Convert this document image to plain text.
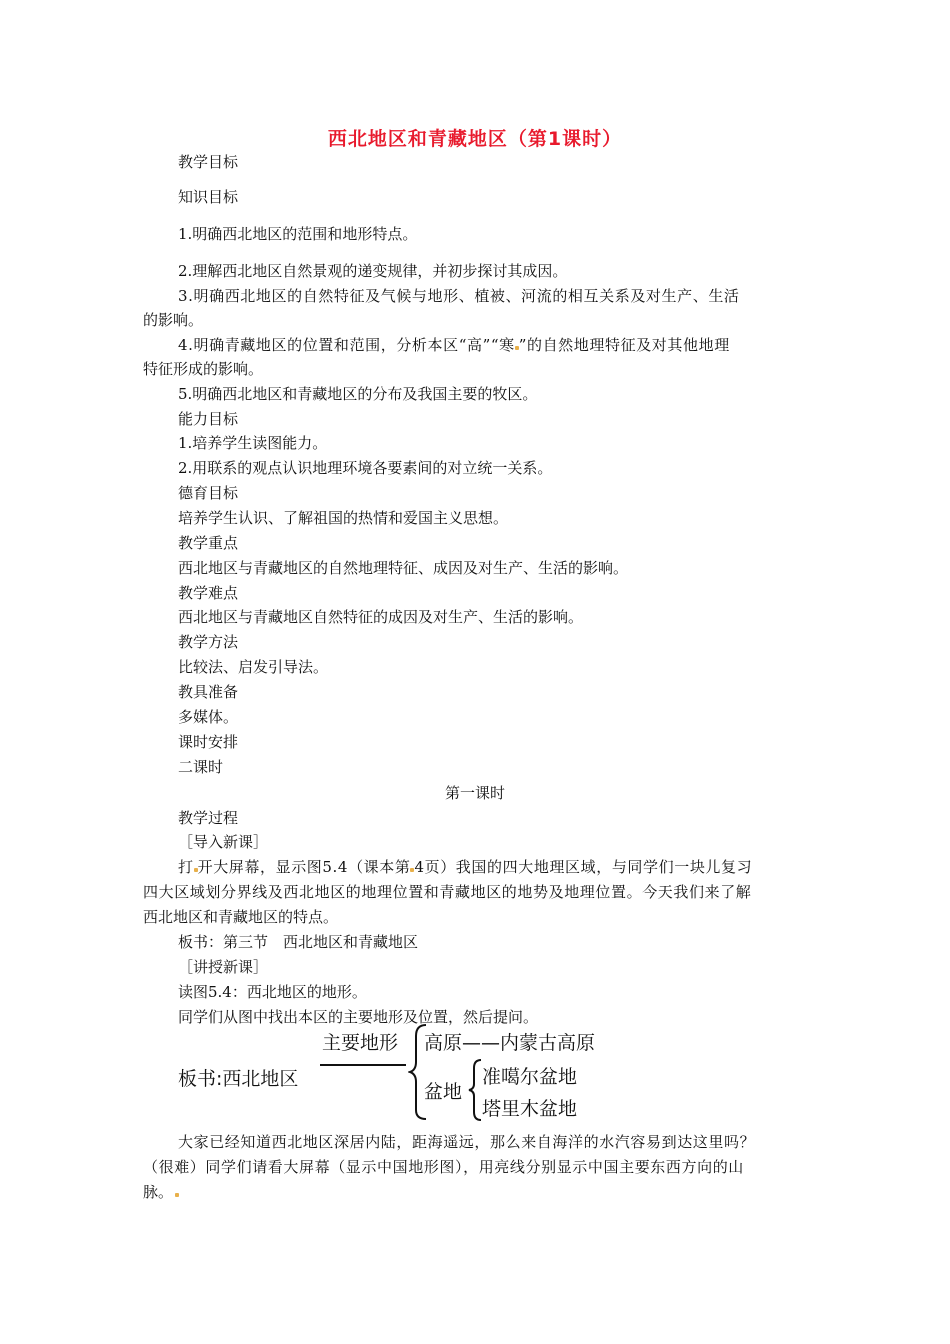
西北地区和青藏地区（第1课时）
教学目标
知识目标
1.明确西北地区的范围和地形特点。
2.理解西北地区自然景观的递变规律，并初步探讨其成因。
3.明确西北地区的自然特征及气候与地形、植被、河流的相互关系及对生产、生活
的影响。
4.明确青藏地区的位置和范围，分析本区“高”“寒 ”的自然地理特征及对其他地理
特征形成的影响。
5.明确西北地区和青藏地区的分布及我国主要的牧区。
能力目标
1.培养学生读图能力。
2.用联系的观点认识地理环境各要素间的对立统一关系。
德育目标
培养学生认识、了解祖国的热情和爱国主义思想。
教学重点
西北地区与青藏地区的自然地理特征、成因及对生产、生活的影响。
教学难点
西北地区与青藏地区自然特征的成因及对生产、生活的影响。
教学方法
比较法、启发引导法。
教具准备
多媒体。
课时安排
二课时
第一课时
教学过程
［导入新课］
打 开大屏幕，显示图5.4（课本第 4页）我国的四大地理区域，与同学们一块儿复习
四大区域划分界线及西北地区的地理位置和青藏地区的地势及地理位置。今天我们来了解
西北地区和青藏地区的特点。
板书：第三节　西北地区和青藏地区
［讲授新课］
读图5.4：西北地区的地形。
同学们从图中找出本区的主要地形及位置，然后提问。
板书:西北地区
主要地形 高原——内蒙古高原
盆地
准噶尔盆地
塔里木盆地
大家已经知道西北地区深居内陆，距海遥远，那么来自海洋的水汽容易到达这里吗？
（很难）同学们请看大屏幕（显示中国地形图），用亮线分别显示中国主要东西方向的山
脉。
